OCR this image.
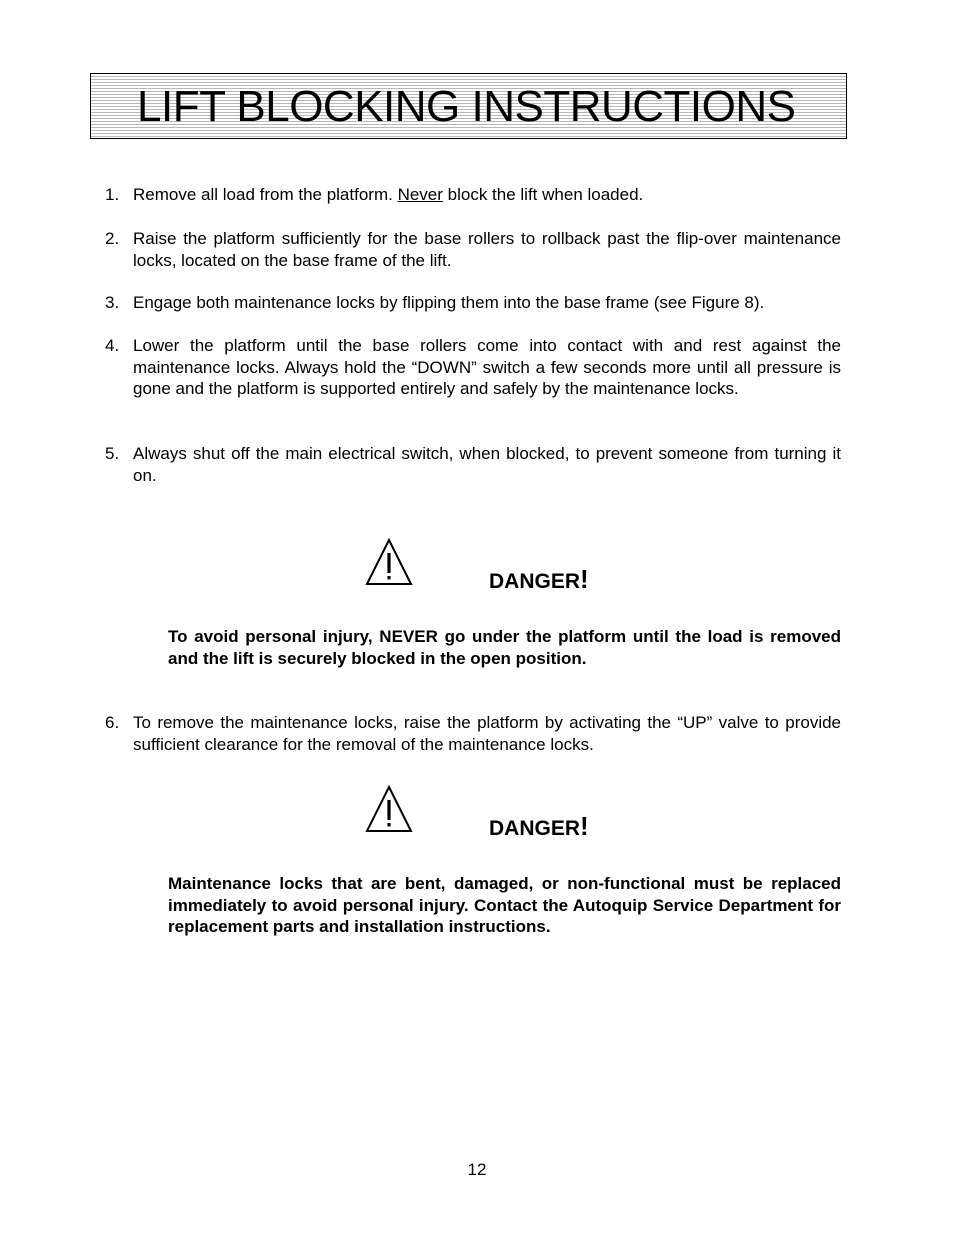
LIFT BLOCKING INSTRUCTIONS
1. Remove all load from the platform. Never block the lift when loaded.
2. Raise the platform sufficiently for the base rollers to rollback past the flip-over maintenance locks, located on the base frame of the lift.
3. Engage both maintenance locks by flipping them into the base frame (see Figure 8).
4. Lower the platform until the base rollers come into contact with and rest against the maintenance locks. Always hold the “DOWN” switch a few seconds more until all pressure is gone and the platform is supported entirely and safely by the maintenance locks.
5. Always shut off the main electrical switch, when blocked, to prevent someone from turning it on.
DANGER!
To avoid personal injury, NEVER go under the platform until the load is removed and the lift is securely blocked in the open position.
6. To remove the maintenance locks, raise the platform by activating the “UP” valve to provide sufficient clearance for the removal of the maintenance locks.
DANGER!
Maintenance locks that are bent, damaged, or non-functional must be replaced immediately to avoid personal injury. Contact the Autoquip Service Department for replacement parts and installation instructions.
12
